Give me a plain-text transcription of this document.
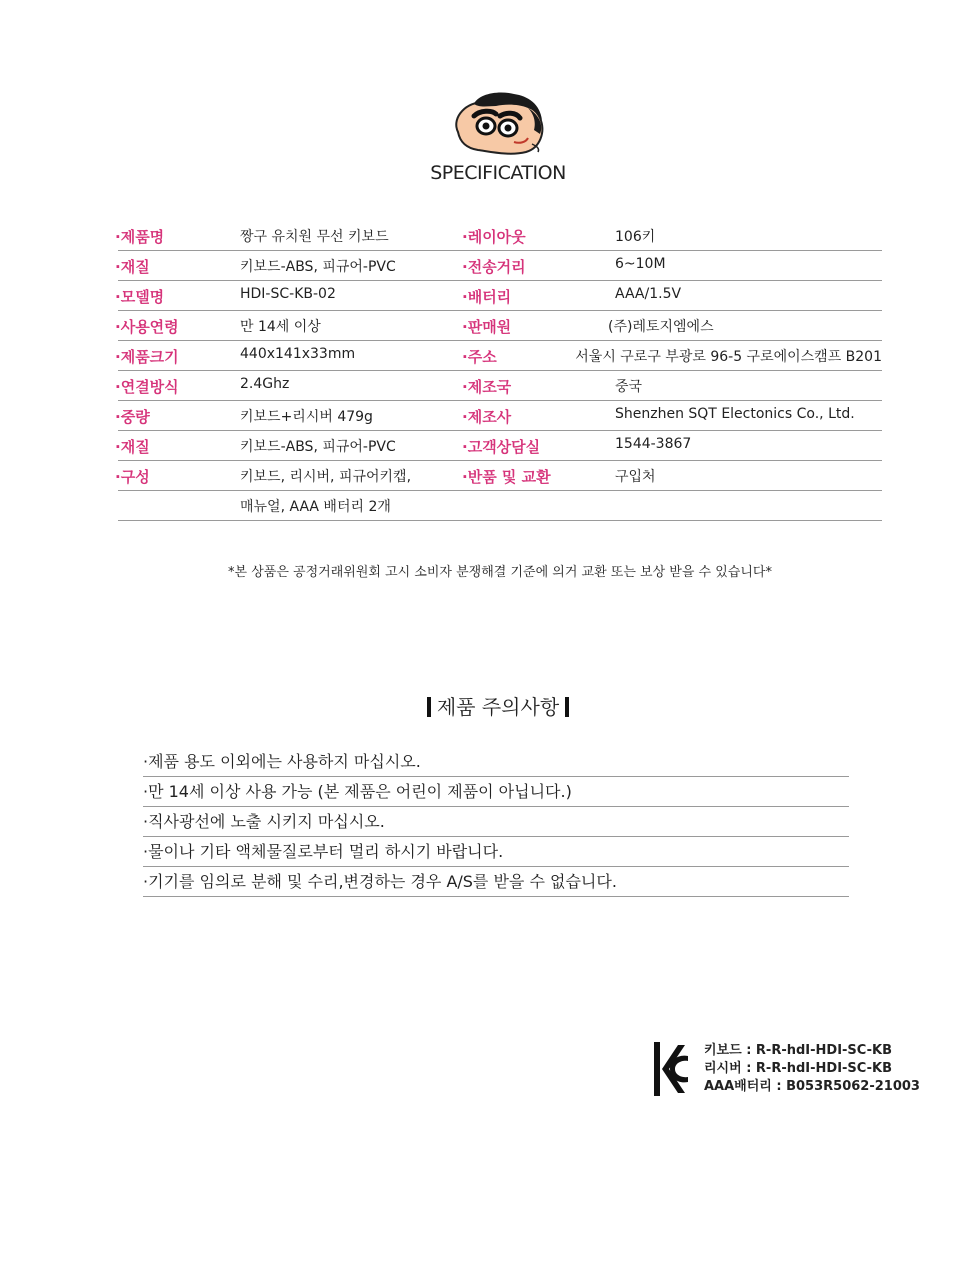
SPECIFICATION
·제품명	짱구 유치원 무선 키보드	·레이아웃	106키
·재질	키보드-ABS, 피규어-PVC	·전송거리	6~10M
·모델명	HDI-SC-KB-02	·배터리	AAA/1.5V
·사용연령	만 14세 이상	·판매원	(주)레토지엠에스
·제품크기	440x141x33mm	·주소	서울시 구로구 부광로 96-5 구로에이스캠프 B201
·연결방식	2.4Ghz	·제조국	중국
·중량	키보드+리시버 479g	·제조사	Shenzhen SQT Electonics Co., Ltd.
·재질	키보드-ABS, 피규어-PVC	·고객상담실	1544-3867
·구성	키보드, 리시버, 피규어키캡,	·반품 및 교환	구입처
매뉴얼, AAA 배터리 2개
*본 상품은 공정거래위원회 고시 소비자 분쟁해결 기준에 의거 교환 또는 보상 받을 수 있습니다*
제품 주의사항
·제품 용도 이외에는 사용하지 마십시오.
·만 14세 이상 사용 가능 (본 제품은 어린이 제품이 아닙니다.)
·직사광선에 노출 시키지 마십시오.
·물이나 기타 액체물질로부터 멀리 하시기 바랍니다.
·기기를 임의로 분해 및 수리,변경하는 경우 A/S를 받을 수 없습니다.
키보드 : R-R-hdI-HDI-SC-KB
리시버 : R-R-hdI-HDI-SC-KB
AAA배터리 : B053R5062-21003
